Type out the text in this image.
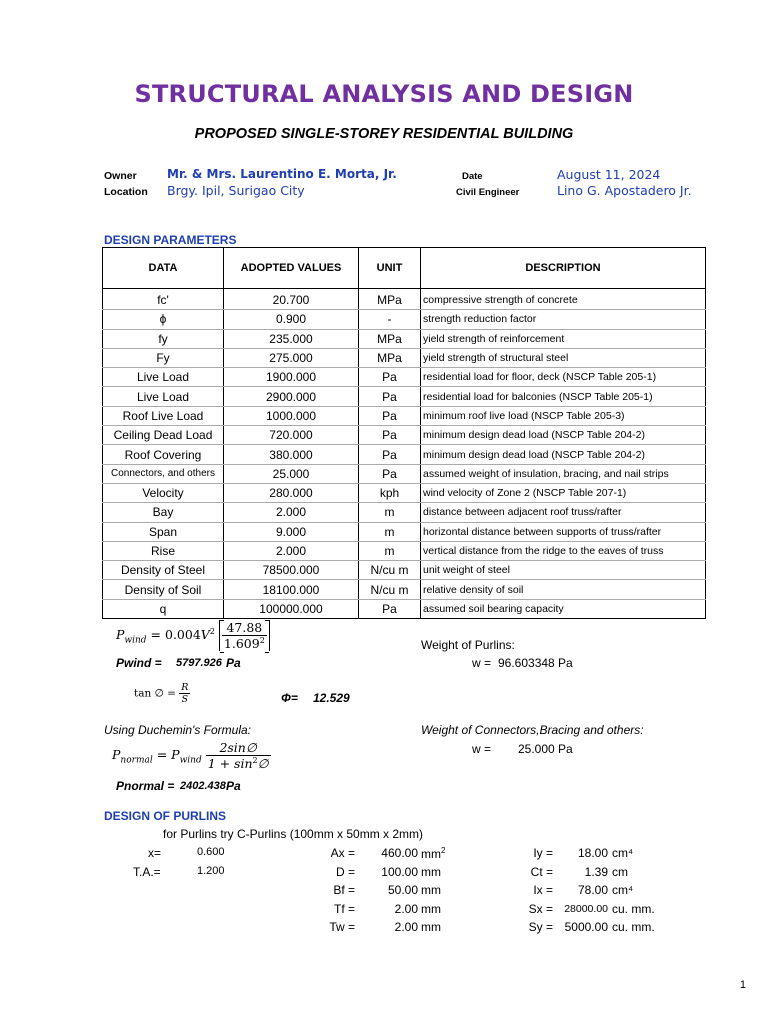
STRUCTURAL ANALYSIS AND DESIGN
PROPOSED SINGLE-STOREY RESIDENTIAL BUILDING
Owner	Mr. & Mrs. Laurentino E. Morta, Jr.
Location Brgy. Ipil, Surigao City
Date	August 11, 2024
Civil Engineer	Lino G. Apostadero Jr.
DESIGN PARAMETERS
DATA	ADOPTED VALUES	UNIT	DESCRIPTION

fc'	20.700	MPa	compressive strength of concrete
ϕ	0.900	-	strength reduction factor
fy	235.000	MPa	yield strength of reinforcement
Fy	275.000	MPa	yield strength of structural steel
Live Load	1900.000	Pa	residential load for floor, deck (NSCP Table 205-1)
Live Load	2900.000	Pa	residential load for balconies (NSCP Table 205-1)
Roof Live Load	1000.000	Pa	minimum roof live load (NSCP Table 205-3)
Ceiling Dead Load	720.000	Pa	minimum design dead load (NSCP Table 204-2)
Roof Covering	380.000	Pa	minimum design dead load (NSCP Table 204-2)
Connectors, and others	25.000	Pa	assumed weight of insulation, bracing, and nail strips
Velocity	280.000	kph	wind velocity of Zone 2 (NSCP Table 207-1)
Bay	2.000	m	distance between adjacent roof truss/rafter
Span	9.000	m	horizontal distance between supports of truss/rafter
Rise	2.000	m	vertical distance from the ridge to the eaves of truss
Density of Steel	78500.000	N/cu m	unit weight of steel
Density of Soil	18100.000	N/cu m	relative density of soil
q	100000.000	Pa	assumed soil bearing capacity
$P_{wind} = 0.004V^2 \frac{47.88}{1.609^2}$
Pwind = 5797.926 Pa
Weight of Purlins:
w = 96.603348 Pa
tan ∅ = $\frac{R}{S}$	Φ= 12.529
Using Duchemin's Formula:	Weight of Connectors,Bracing and others:
w = 25.000 Pa
$P_{normal} = P_{wind} \frac{2\sin\emptyset}{1 + \sin^2\emptyset}$
Pnormal = 2402.438 Pa
DESIGN OF PURLINS
for Purlins try C-Purlins (100mm x 50mm x 2mm)
x=	0.600
T.A.=	1.200
Ax =	460.00 $mm^2$
D =	100.00 mm
Bf =	50.00 mm
Tf =	2.00 mm
Tw =	2.00 mm
Iy =	18.00 cm⁴
Ct =	1.39 cm
Ix =	78.00 cm⁴
Sx =	28000.00 cu. mm.
Sy = 5000.00 cu. mm.
1
